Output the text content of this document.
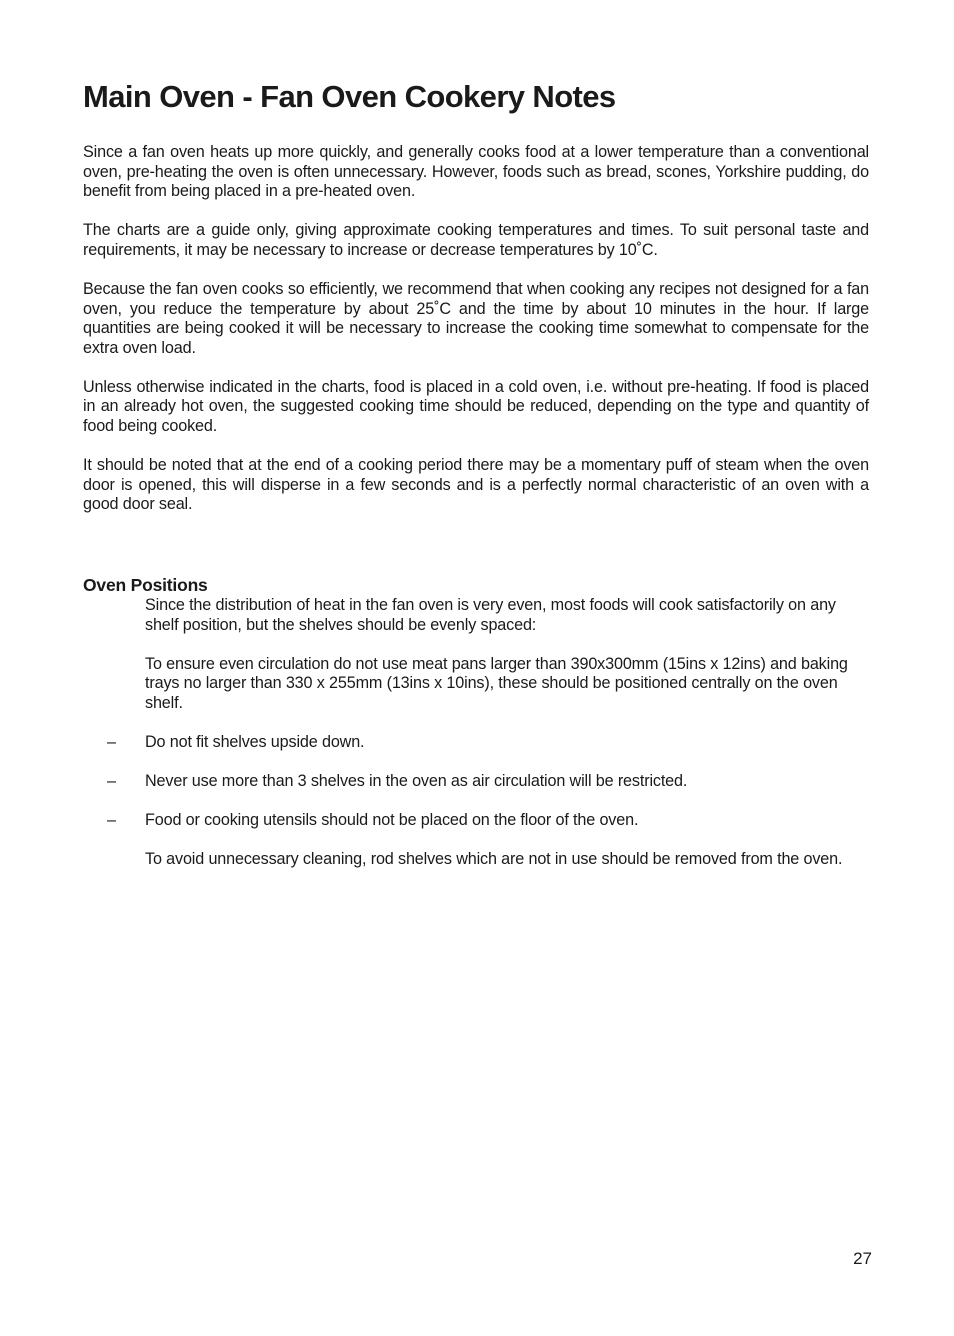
Main Oven - Fan Oven Cookery Notes

Since a fan oven heats up more quickly, and generally cooks food at a lower temperature than a conventional oven, pre-heating the oven is often unnecessary. However, foods such as bread, scones, Yorkshire pudding, do benefit from being placed in a pre-heated oven.

The charts are a guide only, giving approximate cooking temperatures and times. To suit personal taste and requirements, it may be necessary to increase or decrease temperatures by 10˚C.

Because the fan oven cooks so efficiently, we recommend that when cooking any recipes not designed for a fan oven, you reduce the temperature by about 25˚C and the time by about 10 minutes in the hour. If large quantities are being cooked it will be necessary to increase the cooking time somewhat to compensate for the extra oven load.

Unless otherwise indicated in the charts, food is placed in a cold oven, i.e. without pre-heating. If food is placed in an already hot oven, the suggested cooking time should be reduced, depending on the type and quantity of food being cooked.

It should be noted that at the end of a cooking period there may be a momentary puff of steam when the oven door is opened, this will disperse in a few seconds and is a perfectly normal characteristic of an oven with a good door seal.

Oven Positions
Since the distribution of heat in the fan oven is very even, most foods will cook satisfactorily on any shelf position, but the shelves should be evenly spaced:
To ensure even circulation do not use meat pans larger than 390x300mm (15ins x 12ins) and baking trays no larger than 330 x 255mm (13ins x 10ins), these should be positioned centrally on the oven shelf.
– Do not fit shelves upside down.
– Never use more than 3 shelves in the oven as air circulation will be restricted.
– Food or cooking utensils should not be placed on the floor of the oven.
To avoid unnecessary cleaning, rod shelves which are not in use should be removed from the oven.
27
